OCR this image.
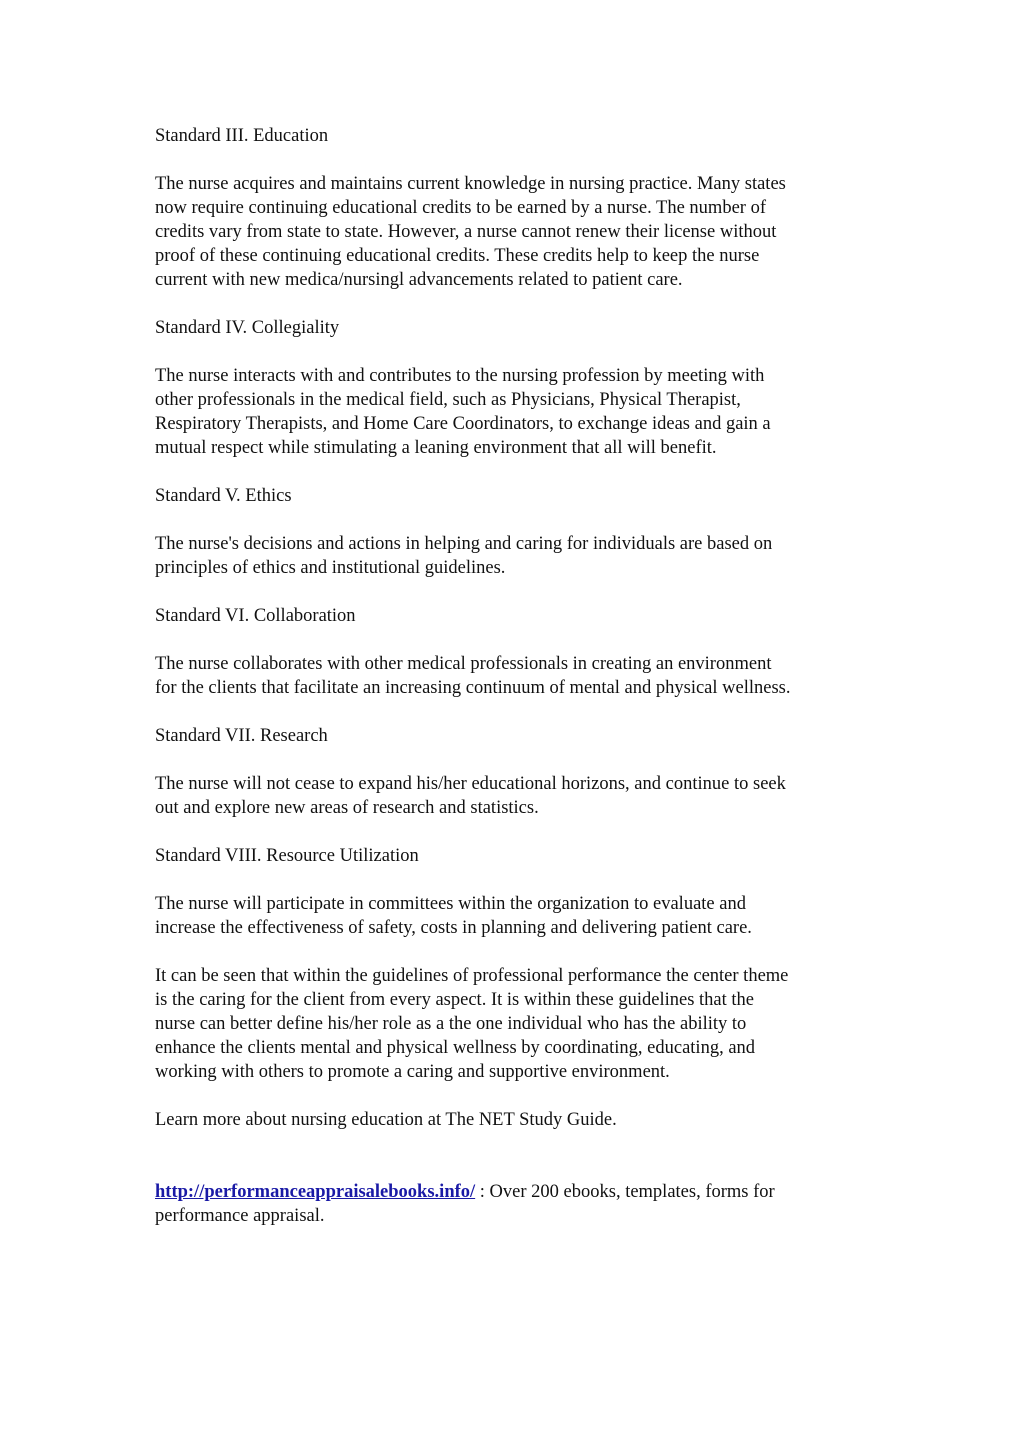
Standard III. Education
The nurse acquires and maintains current knowledge in nursing practice. Many states
now require continuing educational credits to be earned by a nurse. The number of
credits vary from state to state. However, a nurse cannot renew their license without
proof of these continuing educational credits. These credits help to keep the nurse
current with new medica/nursingl advancements related to patient care.
Standard IV. Collegiality
The nurse interacts with and contributes to the nursing profession by meeting with
other professionals in the medical field, such as Physicians, Physical Therapist,
Respiratory Therapists, and Home Care Coordinators, to exchange ideas and gain a
mutual respect while stimulating a leaning environment that all will benefit.
Standard V. Ethics
The nurse's decisions and actions in helping and caring for individuals are based on
principles of ethics and institutional guidelines.
Standard VI. Collaboration
The nurse collaborates with other medical professionals in creating an environment
for the clients that facilitate an increasing continuum of mental and physical wellness.
Standard VII. Research
The nurse will not cease to expand his/her educational horizons, and continue to seek
out and explore new areas of research and statistics.
Standard VIII. Resource Utilization
The nurse will participate in committees within the organization to evaluate and
increase the effectiveness of safety, costs in planning and delivering patient care.
It can be seen that within the guidelines of professional performance the center theme
is the caring for the client from every aspect. It is within these guidelines that the
nurse can better define his/her role as a the one individual who has the ability to
enhance the clients mental and physical wellness by coordinating, educating, and
working with others to promote a caring and supportive environment.
Learn more about nursing education at The NET Study Guide.
http://performanceappraisalebooks.info/ : Over 200 ebooks, templates, forms for
performance appraisal.
